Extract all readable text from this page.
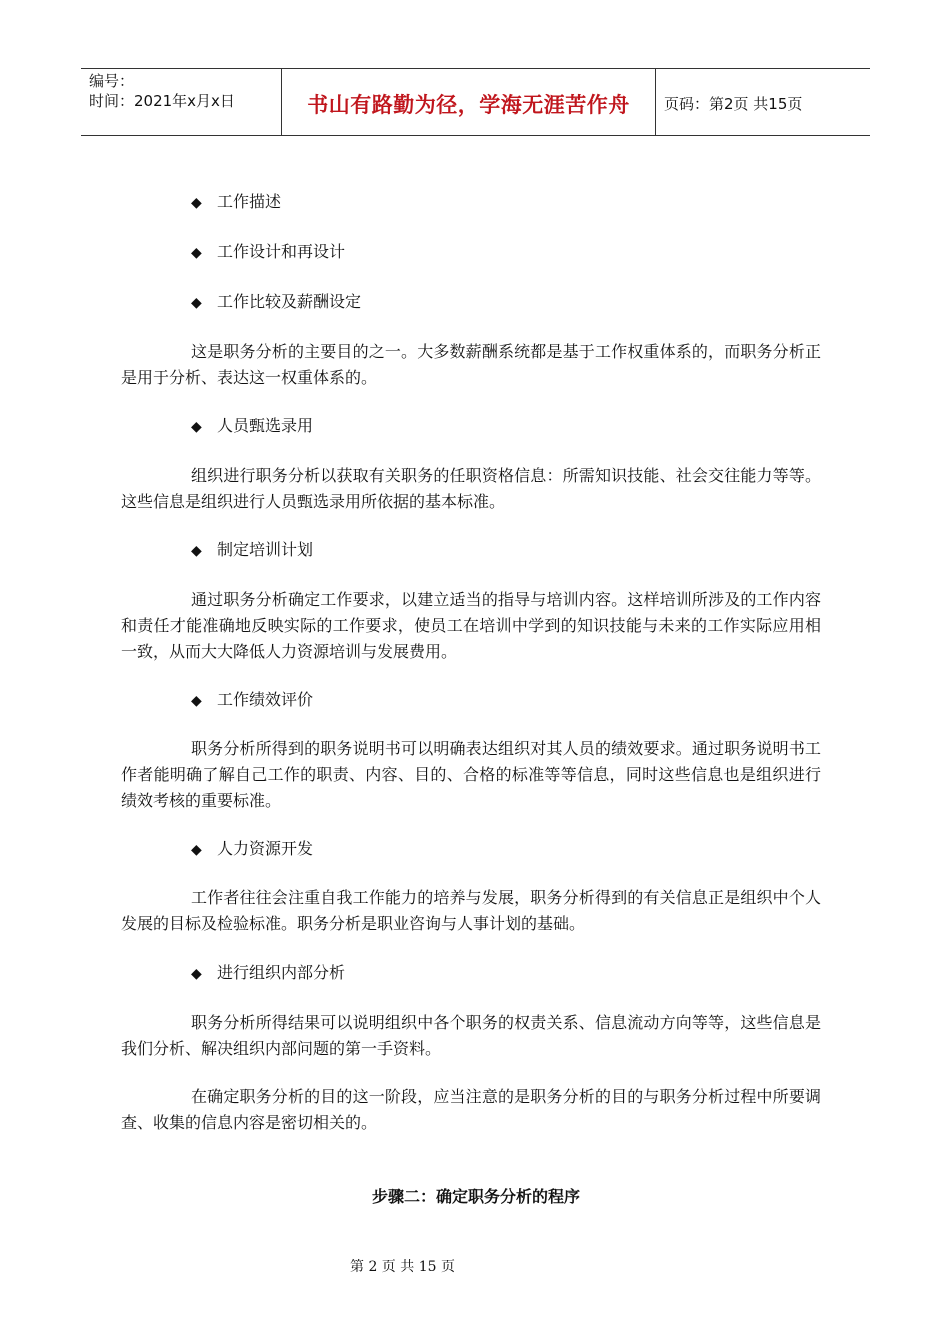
编号：
时间：2021年x月x日	书山有路勤为径，学海无涯苦作舟	页码：第2页 共15页
◆ 工作描述
◆ 工作设计和再设计
◆ 工作比较及薪酬设定
这是职务分析的主要目的之一。大多数薪酬系统都是基于工作权重体系的，而职务分析正是用于分析、表达这一权重体系的。
◆ 人员甄选录用
组织进行职务分析以获取有关职务的任职资格信息：所需知识技能、社会交往能力等等。这些信息是组织进行人员甄选录用所依据的基本标准。
◆ 制定培训计划
通过职务分析确定工作要求，以建立适当的指导与培训内容。这样培训所涉及的工作内容和责任才能准确地反映实际的工作要求，使员工在培训中学到的知识技能与未来的工作实际应用相一致，从而大大降低人力资源培训与发展费用。
◆ 工作绩效评价
职务分析所得到的职务说明书可以明确表达组织对其人员的绩效要求。通过职务说明书工作者能明确了解自己工作的职责、内容、目的、合格的标准等等信息，同时这些信息也是组织进行绩效考核的重要标准。
◆ 人力资源开发
工作者往往会注重自我工作能力的培养与发展，职务分析得到的有关信息正是组织中个人发展的目标及检验标准。职务分析是职业咨询与人事计划的基础。
◆ 进行组织内部分析
职务分析所得结果可以说明组织中各个职务的权责关系、信息流动方向等等，这些信息是我们分析、解决组织内部问题的第一手资料。
在确定职务分析的目的这一阶段，应当注意的是职务分析的目的与职务分析过程中所要调查、收集的信息内容是密切相关的。
步骤二：确定职务分析的程序
第 2 页 共 15 页
